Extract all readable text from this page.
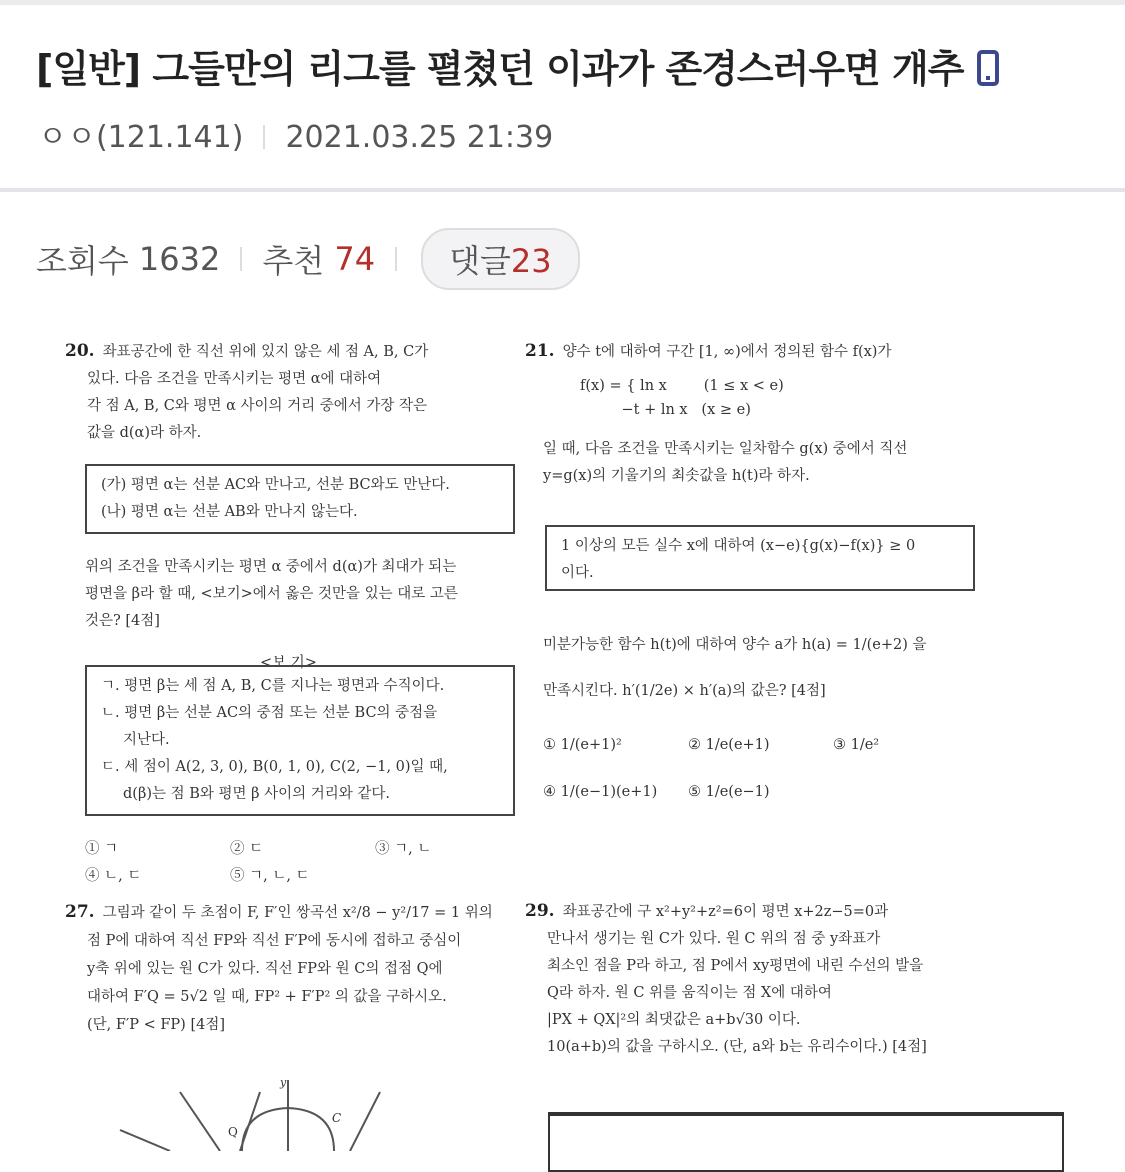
[일반] 그들만의 리그를 펼쳤던 이과가 존경스러우면 개추
ㅇㅇ(121.141) 2021.03.25 21:39
조회수
1632 추천
74	댓글23
20. 좌표공간에 한 직선 위에 있지 않은 세 점 A, B, C가
있다. 다음 조건을 만족시키는 평면 α에 대하여
각 점 A, B, C와 평면 α 사이의 거리 중에서 가장 작은
값을 d(α)라 하자.
(가) 평면 α는 선분 AC와 만나고, 선분 BC와도 만난다.
(나) 평면 α는 선분 AB와 만나지 않는다.
위의 조건을 만족시키는 평면 α 중에서 d(α)가 최대가 되는
평면을 β라 할 때, <보기>에서 옳은 것만을 있는 대로 고른
것은? [4점]
<보 기>
ㄱ. 평면 β는 세 점 A, B, C를 지나는 평면과 수직이다.
ㄴ. 평면 β는 선분 AC의 중점 또는 선분 BC의 중점을
지난다.
ㄷ. 세 점이 A(2, 3, 0), B(0, 1, 0), C(2, −1, 0)일 때,
d(β)는 점 B와 평면 β 사이의 거리와 같다.
① ㄱ	② ㄷ	③ ㄱ, ㄴ
④ ㄴ, ㄷ	⑤ ㄱ, ㄴ, ㄷ
21. 양수 t에 대하여 구간 [1, ∞)에서 정의된 함수 f(x)가
f(x) = { ln x        (1 ≤ x < e)
−t + ln x   (x ≥ e)
일 때, 다음 조건을 만족시키는 일차함수 g(x) 중에서 직선
y=g(x)의 기울기의 최솟값을 h(t)라 하자.
1 이상의 모든 실수 x에 대하여 (x−e){g(x)−f(x)} ≥ 0
이다.
미분가능한 함수 h(t)에 대하여 양수 a가 h(a) = 1/(e+2) 을
만족시킨다. h′(1/2e) × h′(a)의 값은? [4점]
① 1/(e+1)²	② 1/e(e+1)	③ 1/e²
④ 1/(e−1)(e+1)	⑤ 1/e(e−1)
27. 그림과 같이 두 초점이 F, F′인 쌍곡선 x²/8 − y²/17 = 1 위의
점 P에 대하여 직선 FP와 직선 F′P에 동시에 접하고 중심이
y축 위에 있는 원 C가 있다. 직선 FP와 원 C의 접점 Q에
대하여 F′Q = 5√2 일 때, FP² + F′P² 의 값을 구하시오.
(단, F′P < FP) [4점]
y
C
Q
29. 좌표공간에 구 x²+y²+z²=6이 평면 x+2z−5=0과
만나서 생기는 원 C가 있다. 원 C 위의 점 중 y좌표가
최소인 점을 P라 하고, 점 P에서 xy평면에 내린 수선의 발을
Q라 하자. 원 C 위를 움직이는 점 X에 대하여
|PX + QX|²의 최댓값은 a+b√30 이다.
10(a+b)의 값을 구하시오. (단, a와 b는 유리수이다.) [4점]
